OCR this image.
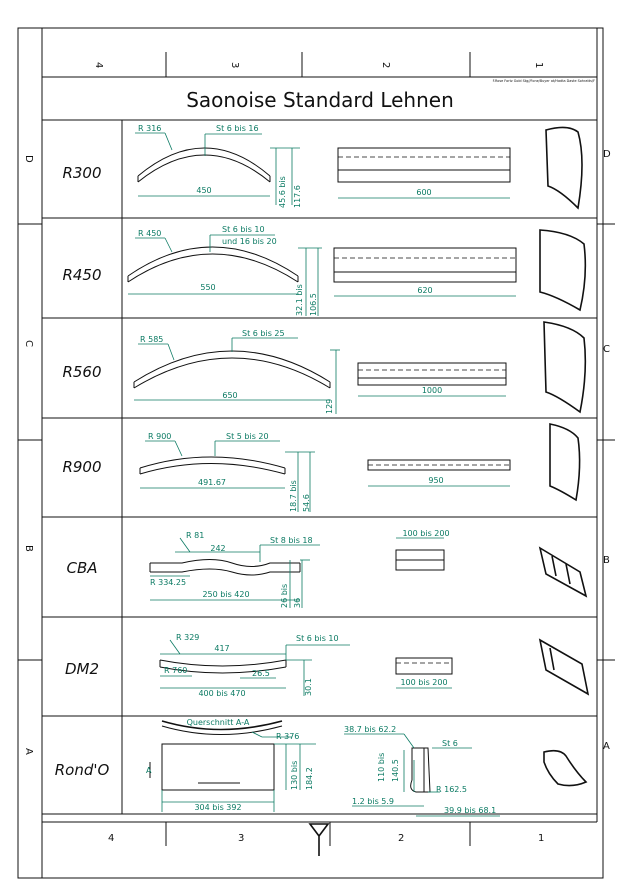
4	3	2	1
4	3	2	1
D
C
B
A
D
C
B
A
Saonoise Standard Lehnen
F.Rose Fortz Gold Stg//Fone/Buyer at/Hadta Daste Sohratts/F
R300
R450
R560
R900
CBA
DM2
Rond'O
R 316	St 6 bis 16
450	45.6 bis 117.6	600
R 450	St 6 bis 10
und 16 bis 20
550	32.1 bis 106.5
620
R 585
St 6 bis 25
650
129
1000
R 900	St 5 bis 20
491.67	18.7 bis 54.6
950
R 81
242
St 8 bis 18
R 334.25
250 bis 420	26 bis 36
100 bis 200
R 329
417
St 6 bis 10
R 760	26.5
400 bis 470	30.1	100 bis 200
Querschnitt A-A
R 376
A
304 bis 392
130 bis 184.2
38.7 bis 62.2
St 6
110 bis 140.5
R 162.5
1.2 bis 5.9
39.9 bis 68.1
